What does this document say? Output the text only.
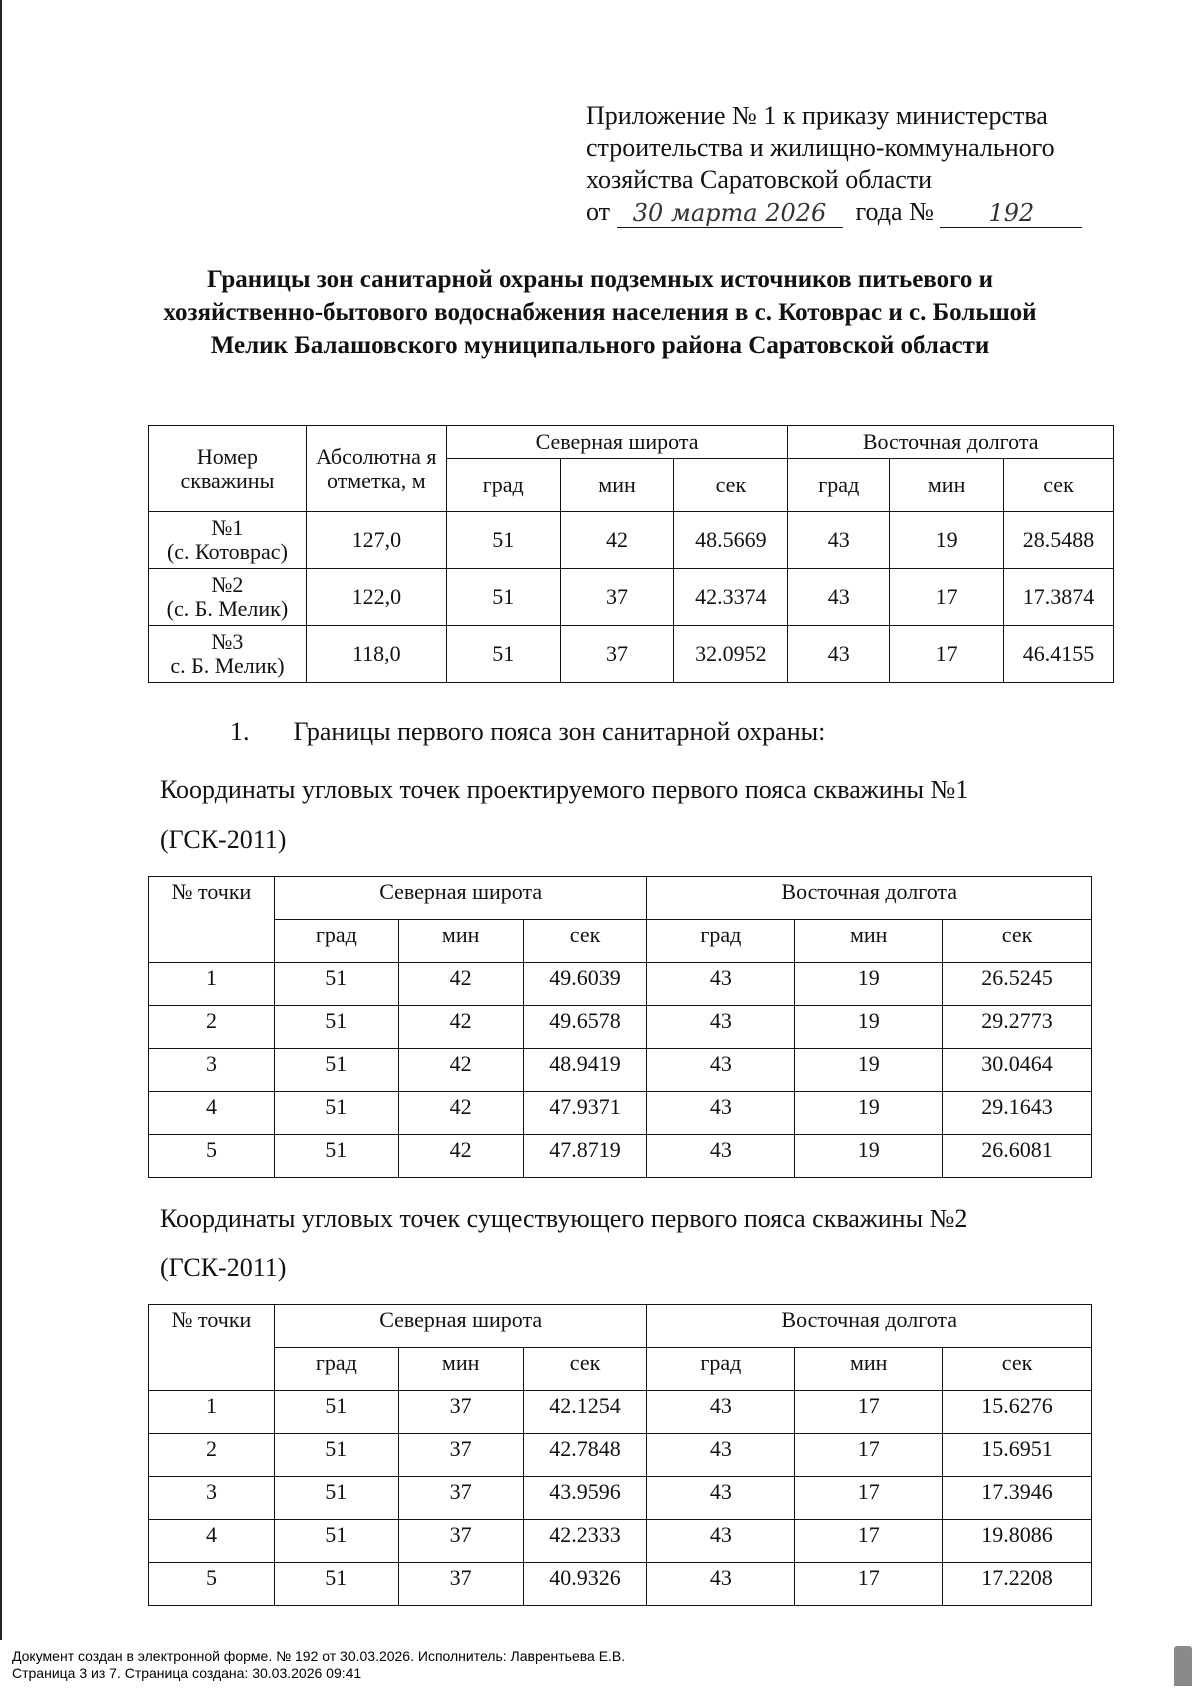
Приложение № 1 к приказу министерства
строительства и жилищно-коммунального
хозяйства Саратовской области
от
30 марта 2026
	года №
	192
Границы зон санитарной охраны подземных источников питьевого и хозяйственно-бытового водоснабжения населения в с. Котоврас и с. Большой Мелик Балашовского муниципального района Саратовской области
Номер скважины	Абсолютна я отметка, м	Северная широта			Восточная долгота		
		град	мин	сек	град	мин	сек

№1
(с. Котоврас)	127,0	51	42	48.5669	43	19	28.5488

№2
(с. Б. Мелик)	122,0	51	37	42.3374	43	17	17.3874

№3
с. Б. Мелик)	118,0	51	37	32.0952	43	17	46.4155
1. Границы первого пояса зон санитарной охраны:
Координаты угловых точек проектируемого первого пояса скважины №1
(ГСК-2011)
№ точки	Северная широта			Восточная долгота		
	град	мин	сек	град	мин	сек
1	51	42	49.6039	43	19	26.5245
2	51	42	49.6578	43	19	29.2773
3	51	42	48.9419	43	19	30.0464
4	51	42	47.9371	43	19	29.1643
5	51	42	47.8719	43	19	26.6081
Координаты угловых точек существующего первого пояса скважины №2
(ГСК-2011)
№ точки	Северная широта			Восточная долгота		
	град	мин	сек	град	мин	сек
1	51	37	42.1254	43	17	15.6276
2	51	37	42.7848	43	17	15.6951
3	51	37	43.9596	43	17	17.3946
4	51	37	42.2333	43	17	19.8086
5	51	37	40.9326	43	17	17.2208
Документ создан в электронной форме. № 192 от 30.03.2026. Исполнитель: Лаврентьева Е.В.
Страница 3 из 7. Страница создана: 30.03.2026 09:41
